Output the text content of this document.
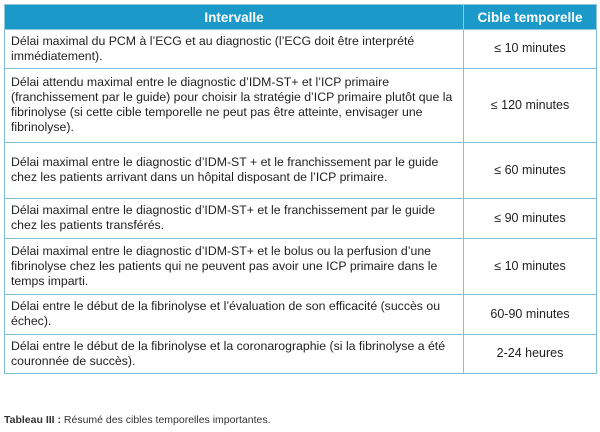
Intervalle	Cible temporelle
Délai maximal du PCM à l’ECG et au diagnostic (l’ECG doit être interprété immédiatement).	≤ 10 minutes
Délai attendu maximal entre le diagnostic d’IDM-ST+ et l’ICP primaire (franchissement par le guide) pour choisir la stratégie d’ICP primaire plutôt que la fibrinolyse (si cette cible temporelle ne peut pas être atteinte, envisager une fibrinolyse).	≤ 120 minutes
Délai maximal entre le diagnostic d’IDM-ST + et le franchissement par le guide chez les patients arrivant dans un hôpital disposant de l’ICP primaire.	≤ 60 minutes
Délai maximal entre le diagnostic d’IDM-ST+ et le franchissement par le guide chez les patients transférés.	≤ 90 minutes
Délai maximal entre le diagnostic d’IDM-ST+ et le bolus ou la perfusion d’une fibrinolyse chez les patients qui ne peuvent pas avoir une ICP primaire dans le temps imparti.	≤ 10 minutes
Délai entre le début de la fibrinolyse et l’évaluation de son efficacité (succès ou échec).	60-90 minutes
Délai entre le début de la fibrinolyse et la coronarographie (si la fibrinolyse a été couronnée de succès).	2-24 heures
Tableau III : Résumé des cibles temporelles importantes.
